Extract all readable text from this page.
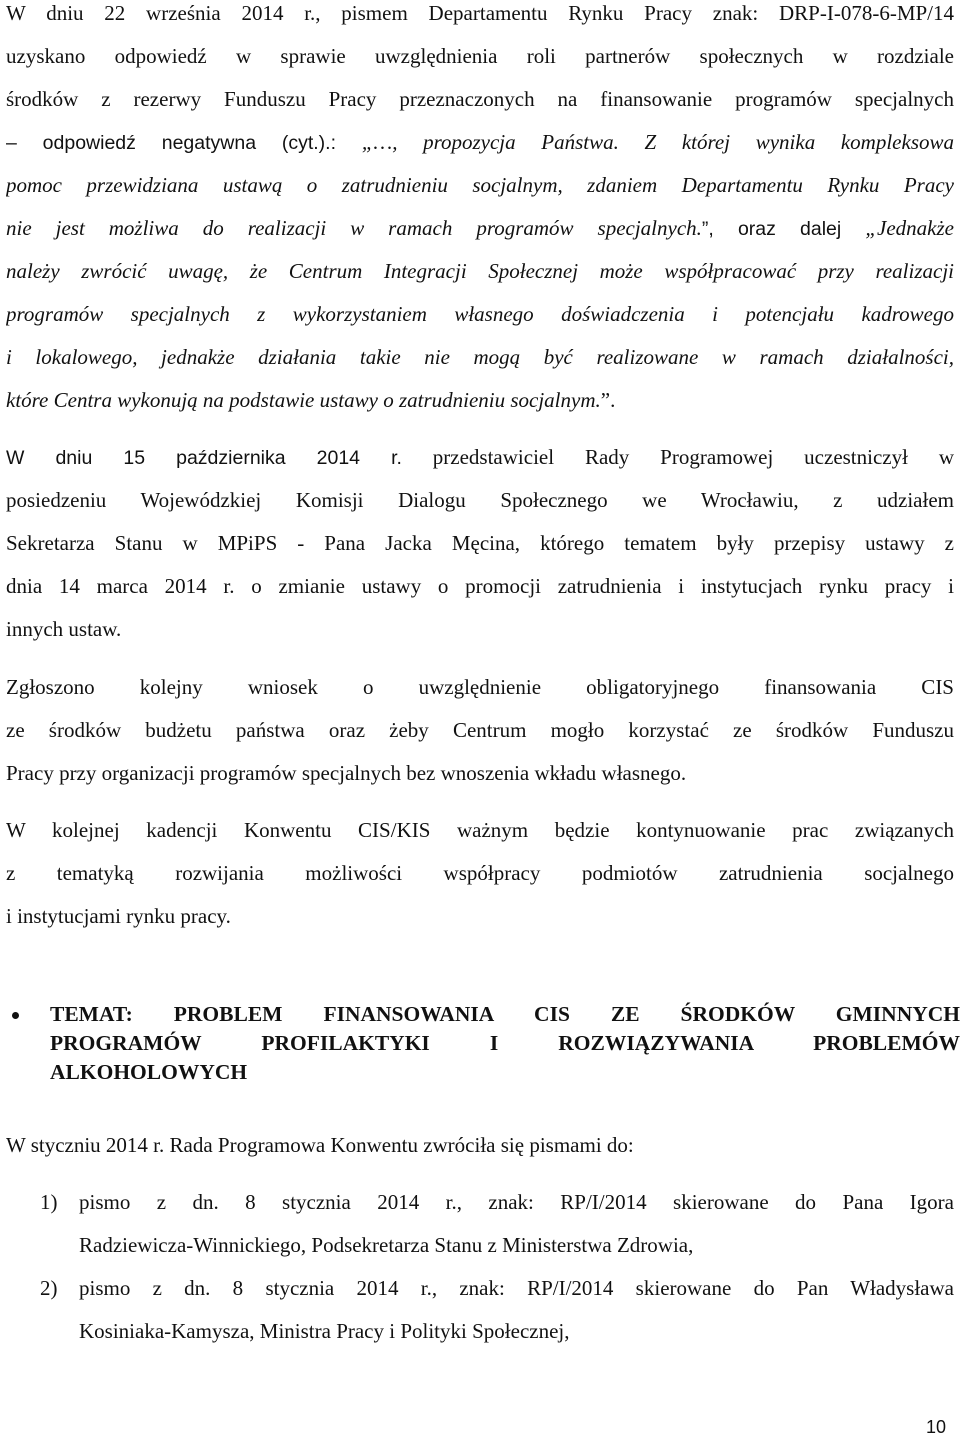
W dniu 22 września 2014 r., pismem Departamentu Rynku Pracy znak: DRP-I-078-6-MP/14
uzyskano odpowiedź w sprawie uwzględnienia roli partnerów społecznych w rozdziale
środków z rezerwy Funduszu Pracy przeznaczonych na finansowanie programów specjalnych
– odpowiedź negatywna (cyt.).: „…, propozycja Państwa. Z której wynika kompleksowa
pomoc przewidziana ustawą o zatrudnieniu socjalnym, zdaniem Departamentu Rynku Pracy
nie jest możliwa do realizacji w ramach programów specjalnych.”, oraz dalej „Jednakże
należy zwrócić uwagę, że Centrum Integracji Społecznej może współpracować przy realizacji
programów specjalnych z wykorzystaniem własnego doświadczenia i potencjału kadrowego
i lokalowego, jednakże działania takie nie mogą być realizowane w ramach działalności,
które Centra wykonują na podstawie ustawy o zatrudnieniu socjalnym.”.
W dniu 15 października 2014 r. przedstawiciel Rady Programowej uczestniczył w
posiedzeniu Wojewódzkiej Komisji Dialogu Społecznego we Wrocławiu, z udziałem
Sekretarza Stanu w MPiPS - Pana Jacka Męcina, którego tematem były przepisy ustawy z
dnia 14 marca 2014 r. o zmianie ustawy o promocji zatrudnienia i instytucjach rynku pracy i
innych ustaw.
Zgłoszono kolejny wniosek o uwzględnienie obligatoryjnego finansowania CIS
ze środków budżetu państwa oraz żeby Centrum mogło korzystać ze środków Funduszu
Pracy przy organizacji programów specjalnych bez wnoszenia wkładu własnego.
W kolejnej kadencji Konwentu CIS/KIS ważnym będzie kontynuowanie prac związanych
z tematyką rozwijania możliwości współpracy podmiotów zatrudnienia socjalnego
i instytucjami rynku pracy.
TEMAT: PROBLEM FINANSOWANIA CIS ZE ŚRODKÓW GMINNYCH
PROGRAMÓW PROFILAKTYKI I ROZWIĄZYWANIA PROBLEMÓW
ALKOHOLOWYCH
W styczniu 2014 r. Rada Programowa Konwentu zwróciła się pismami do:
1) pismo z dn. 8 stycznia 2014 r., znak: RP/I/2014 skierowane do Pana Igora
Radziewicza-Winnickiego, Podsekretarza Stanu z Ministerstwa Zdrowia,
2) pismo z dn. 8 stycznia 2014 r., znak: RP/I/2014 skierowane do Pan Władysława
Kosiniaka-Kamysza, Ministra Pracy i Polityki Społecznej,
10
